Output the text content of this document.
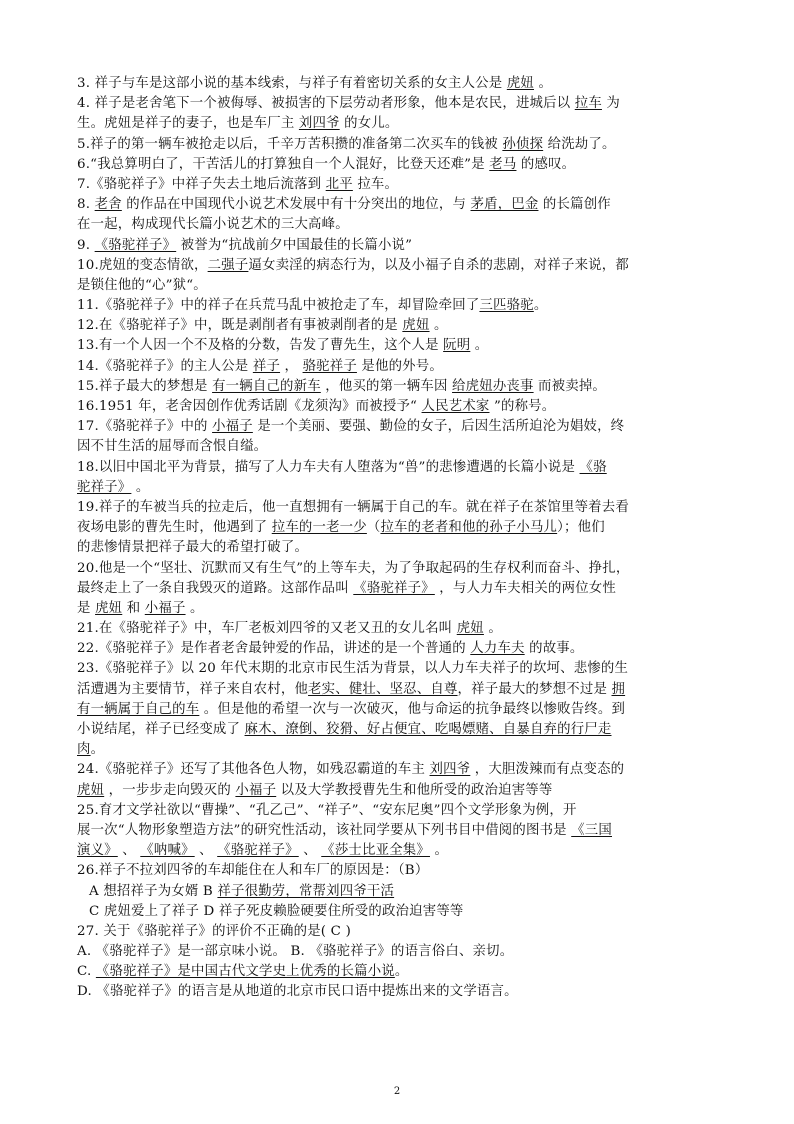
3. 祥子与车是这部小说的基本线索，与祥子有着密切关系的女主人公是 虎妞 。
4. 祥子是老舍笔下一个被侮辱、被损害的下层劳动者形象，他本是农民，进城后以 拉车 为
生。虎妞是祥子的妻子，也是车厂主 刘四爷 的女儿。
5.祥子的第一辆车被抢走以后，千辛万苦积攒的准备第二次买车的钱被 孙侦探 给洗劫了。
6.“我总算明白了，干苦活儿的打算独自一个人混好，比登天还难”是 老马 的感叹。
7.《骆驼祥子》中祥子失去土地后流落到 北平 拉车。
8. 老舍 的作品在中国现代小说艺术发展中有十分突出的地位，与 茅盾，巴金 的长篇创作
在一起，构成现代长篇小说艺术的三大高峰。
9. 《骆驼祥子》 被誉为“抗战前夕中国最佳的长篇小说”
10.虎妞的变态情欲，二强子逼女卖淫的病态行为，以及小福子自杀的悲剧，对祥子来说，都
是锁住他的“心”狱“。
11.《骆驼祥子》中的祥子在兵荒马乱中被抢走了车，却冒险牵回了三匹骆驼。
12.在《骆驼祥子》中，既是剥削者有事被剥削者的是 虎妞 。
13.有一个人因一个不及格的分数，告发了曹先生，这个人是 阮明 。
14.《骆驼祥子》的主人公是 祥子 ， 骆驼祥子 是他的外号。
15.祥子最大的梦想是 有一辆自己的新车 ，他买的第一辆车因 给虎妞办丧事 而被卖掉。
16.1951 年，老舍因创作优秀话剧《龙须沟》而被授予“ 人民艺术家 ”的称号。
17.《骆驼祥子》中的 小福子 是一个美丽、要强、勤俭的女子，后因生活所迫沦为娼妓，终
因不甘生活的屈辱而含恨自缢。
18.以旧中国北平为背景，描写了人力车夫有人堕落为“兽”的悲惨遭遇的长篇小说是 《骆
驼祥子》 。
19.祥子的车被当兵的拉走后，他一直想拥有一辆属于自己的车。就在祥子在茶馆里等着去看
夜场电影的曹先生时，他遇到了 拉车的一老一少（拉车的老者和他的孙子小马儿）；他们
的悲惨情景把祥子最大的希望打破了。
20.他是一个“坚壮、沉默而又有生气”的上等车夫，为了争取起码的生存权利而奋斗、挣扎，
最终走上了一条自我毁灭的道路。这部作品叫 《骆驼祥子》 ，与人力车夫相关的两位女性
是 虎妞 和 小福子 。
21.在《骆驼祥子》中，车厂老板刘四爷的又老又丑的女儿名叫 虎妞 。
22.《骆驼祥子》是作者老舍最钟爱的作品，讲述的是一个普通的 人力车夫 的故事。
23.《骆驼祥子》以 20 年代末期的北京市民生活为背景，以人力车夫祥子的坎坷、悲惨的生
活遭遇为主要情节，祥子来自农村，他老实、健壮、坚忍、自尊，祥子最大的梦想不过是 拥
有一辆属于自己的车 。但是他的希望一次与一次破灭，他与命运的抗争最终以惨败告终。到
小说结尾，祥子已经变成了 麻木、潦倒、狡猾、好占便宜、吃喝嫖赌、自暴自弃的行尸走
肉。
24.《骆驼祥子》还写了其他各色人物，如残忍霸道的车主 刘四爷 ，大胆泼辣而有点变态的
虎妞 ，一步步走向毁灭的 小福子 以及大学教授曹先生和他所受的政治迫害等等
25.育才文学社欲以“曹操”、“孔乙己”、“祥子”、“安东尼奥”四个文学形象为例，开
展一次“人物形象塑造方法”的研究性活动，该社同学要从下列书目中借阅的图书是 《三国
演义》 、 《呐喊》 、 《骆驼祥子》 、 《莎士比亚全集》 。
26.祥子不拉刘四爷的车却能住在人和车厂的原因是：（B）
A 想招祥子为女婿 B 祥子很勤劳，常帮刘四爷干活
C 虎妞爱上了祥子 D 祥子死皮赖脸硬要住所受的政治迫害等等
27. 关于《骆驼祥子》的评价不正确的是( C )
A. 《骆驼祥子》是一部京味小说。 B. 《骆驼祥子》的语言俗白、亲切。
C. 《骆驼祥子》是中国古代文学史上优秀的长篇小说。
D. 《骆驼祥子》的语言是从地道的北京市民口语中提炼出来的文学语言。
2
